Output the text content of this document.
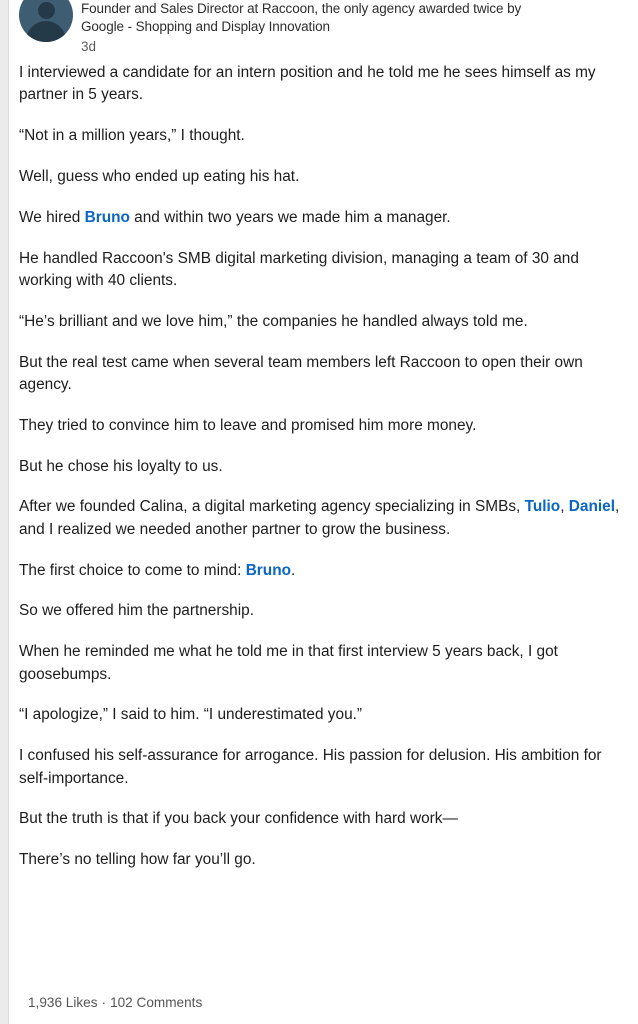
Founder and Sales Director at Raccoon, the only agency awarded twice by
Google - Shopping and Display Innovation
3d

I interviewed a candidate for an intern position and he told me he sees himself as my partner in 5 years.

“Not in a million years,” I thought.

Well, guess who ended up eating his hat.

We hired Bruno and within two years we made him a manager.

He handled Raccoon's SMB digital marketing division, managing a team of 30 and working with 40 clients.

“He’s brilliant and we love him,” the companies he handled always told me.

But the real test came when several team members left Raccoon to open their own agency.

They tried to convince him to leave and promised him more money.

But he chose his loyalty to us.

After we founded Calina, a digital marketing agency specializing in SMBs, Tulio, Daniel, and I realized we needed another partner to grow the business.

The first choice to come to mind: Bruno.

So we offered him the partnership.

When he reminded me what he told me in that first interview 5 years back, I got goosebumps.

“I apologize,” I said to him. “I underestimated you.”

I confused his self-assurance for arrogance. His passion for delusion. His ambition for self-importance.

But the truth is that if you back your confidence with hard work—

There’s no telling how far you’ll go.

1,936 Likes · 102 Comments
